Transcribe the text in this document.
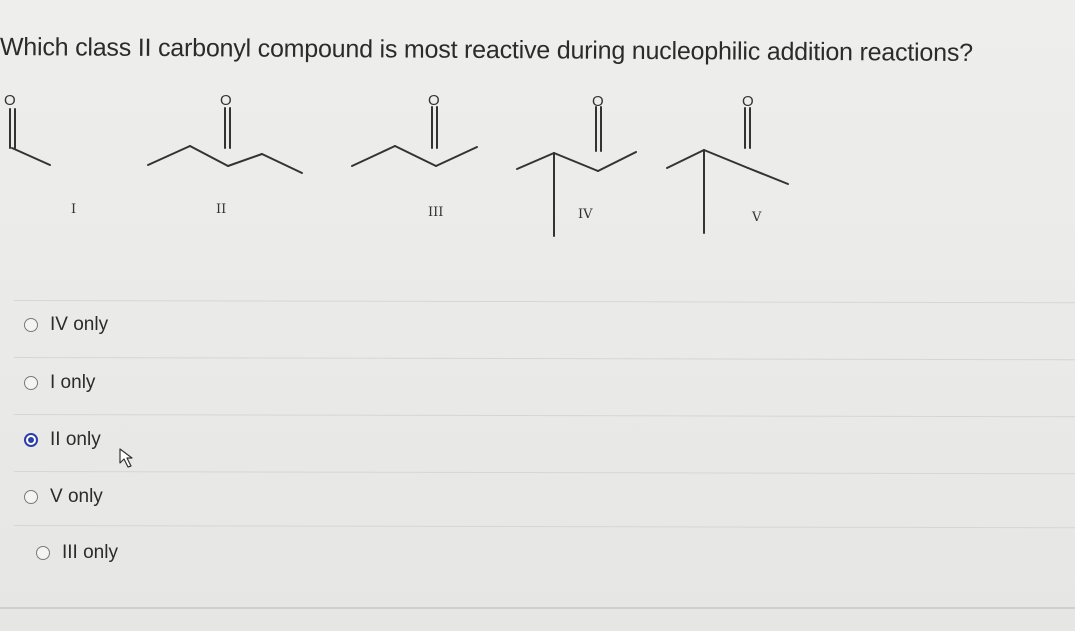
Which class II carbonyl compound is most reactive during nucleophilic addition reactions?
O	O	O	O	O
I	II	III	IV	V
IV only
I only
II only
V only
III only
